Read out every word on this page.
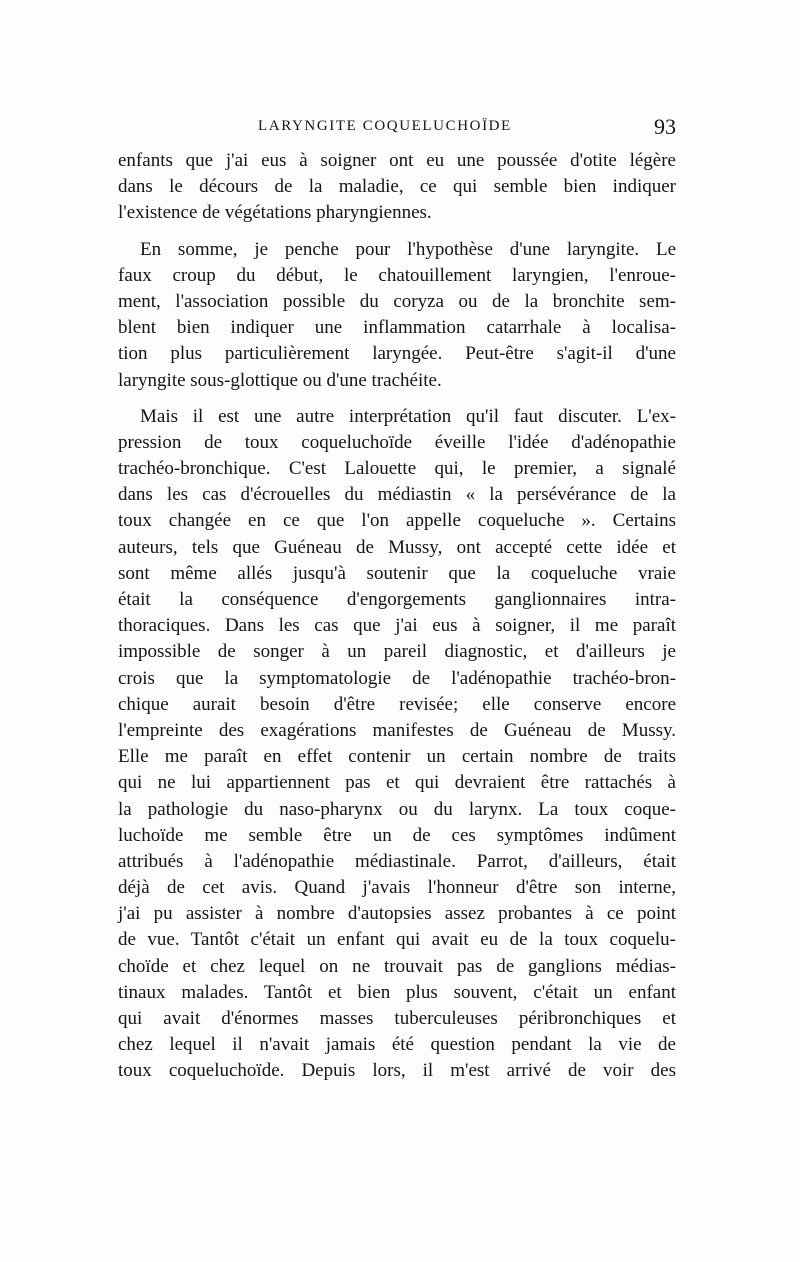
LARYNGITE COQUELUCHOÏDE	93
enfants que j'ai eus à soigner ont eu une poussée d'otite légère
dans le décours de la maladie, ce qui semble bien indiquer
l'existence de végétations pharyngiennes.
En somme, je penche pour l'hypothèse d'une laryngite. Le
faux croup du début, le chatouillement laryngien, l'enroue-
ment, l'association possible du coryza ou de la bronchite sem-
blent bien indiquer une inflammation catarrhale à localisa-
tion plus particulièrement laryngée. Peut-être s'agit-il d'une
laryngite sous-glottique ou d'une trachéite.
Mais il est une autre interprétation qu'il faut discuter. L'ex-
pression de toux coqueluchoïde éveille l'idée d'adénopathie
trachéo-bronchique. C'est Lalouette qui, le premier, a signalé
dans les cas d'écrouelles du médiastin « la persévérance de la
toux changée en ce que l'on appelle coqueluche ». Certains
auteurs, tels que Guéneau de Mussy, ont accepté cette idée et
sont même allés jusqu'à soutenir que la coqueluche vraie
était la conséquence d'engorgements ganglionnaires intra-
thoraciques. Dans les cas que j'ai eus à soigner, il me paraît
impossible de songer à un pareil diagnostic, et d'ailleurs je
crois que la symptomatologie de l'adénopathie trachéo-bron-
chique aurait besoin d'être revisée; elle conserve encore
l'empreinte des exagérations manifestes de Guéneau de Mussy.
Elle me paraît en effet contenir un certain nombre de traits
qui ne lui appartiennent pas et qui devraient être rattachés à
la pathologie du naso-pharynx ou du larynx. La toux coque-
luchoïde me semble être un de ces symptômes indûment
attribués à l'adénopathie médiastinale. Parrot, d'ailleurs, était
déjà de cet avis. Quand j'avais l'honneur d'être son interne,
j'ai pu assister à nombre d'autopsies assez probantes à ce point
de vue. Tantôt c'était un enfant qui avait eu de la toux coquelu-
choïde et chez lequel on ne trouvait pas de ganglions médias-
tinaux malades. Tantôt et bien plus souvent, c'était un enfant
qui avait d'énormes masses tuberculeuses péribronchiques et
chez lequel il n'avait jamais été question pendant la vie de
toux coqueluchoïde. Depuis lors, il m'est arrivé de voir des
